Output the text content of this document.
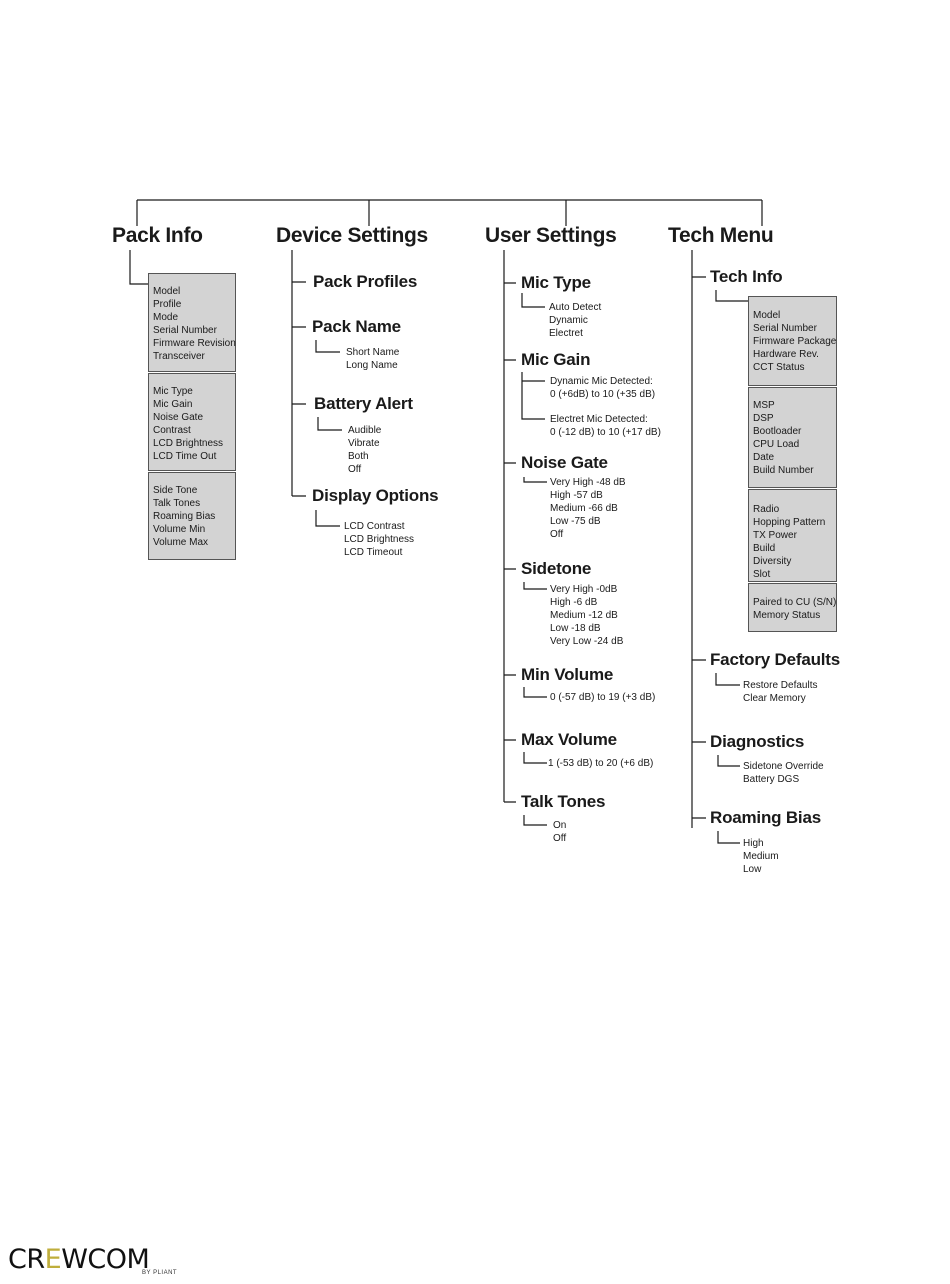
Pack Info	Device Settings	User Settings Tech Menu
Model
Profile
Mode
Serial Number
Firmware Revision
Transceiver
Mic Type
Mic Gain
Noise Gate
Contrast
LCD Brightness
LCD Time Out
Side Tone
Talk Tones
Roaming Bias
Volume Min
Volume Max
Pack Profiles
Pack Name
Short Name
Long Name
Battery Alert
Audible
Vibrate
Both
Off
Display Options
LCD Contrast
LCD Brightness
LCD Timeout
Mic Type
Auto Detect
Dynamic
Electret
Mic Gain
Dynamic Mic Detected:
0 (+6dB) to 10 (+35 dB)
Electret Mic Detected:
0 (-12 dB) to 10 (+17 dB)
Noise Gate
Very High -48 dB
High -57 dB
Medium -66 dB
Low -75 dB
Off
Sidetone
Very High -0dB
High -6 dB
Medium -12 dB
Low -18 dB
Very Low -24 dB
Min Volume
0 (-57 dB) to 19 (+3 dB)
Max Volume
1 (-53 dB) to 20 (+6 dB)
Talk Tones
On
Off
Tech Info
Model
Serial Number
Firmware Package
Hardware Rev.
CCT Status
MSP
DSP
Bootloader
CPU Load
Date
Build Number
Radio
Hopping Pattern
TX Power
Build
Diversity
Slot
Paired to CU (S/N)
Memory Status
Factory Defaults
Restore Defaults
Clear Memory
Diagnostics
Sidetone Override
Battery DGS
Roaming Bias
High
Medium
Low
CREWCOM
BY PLIANT
